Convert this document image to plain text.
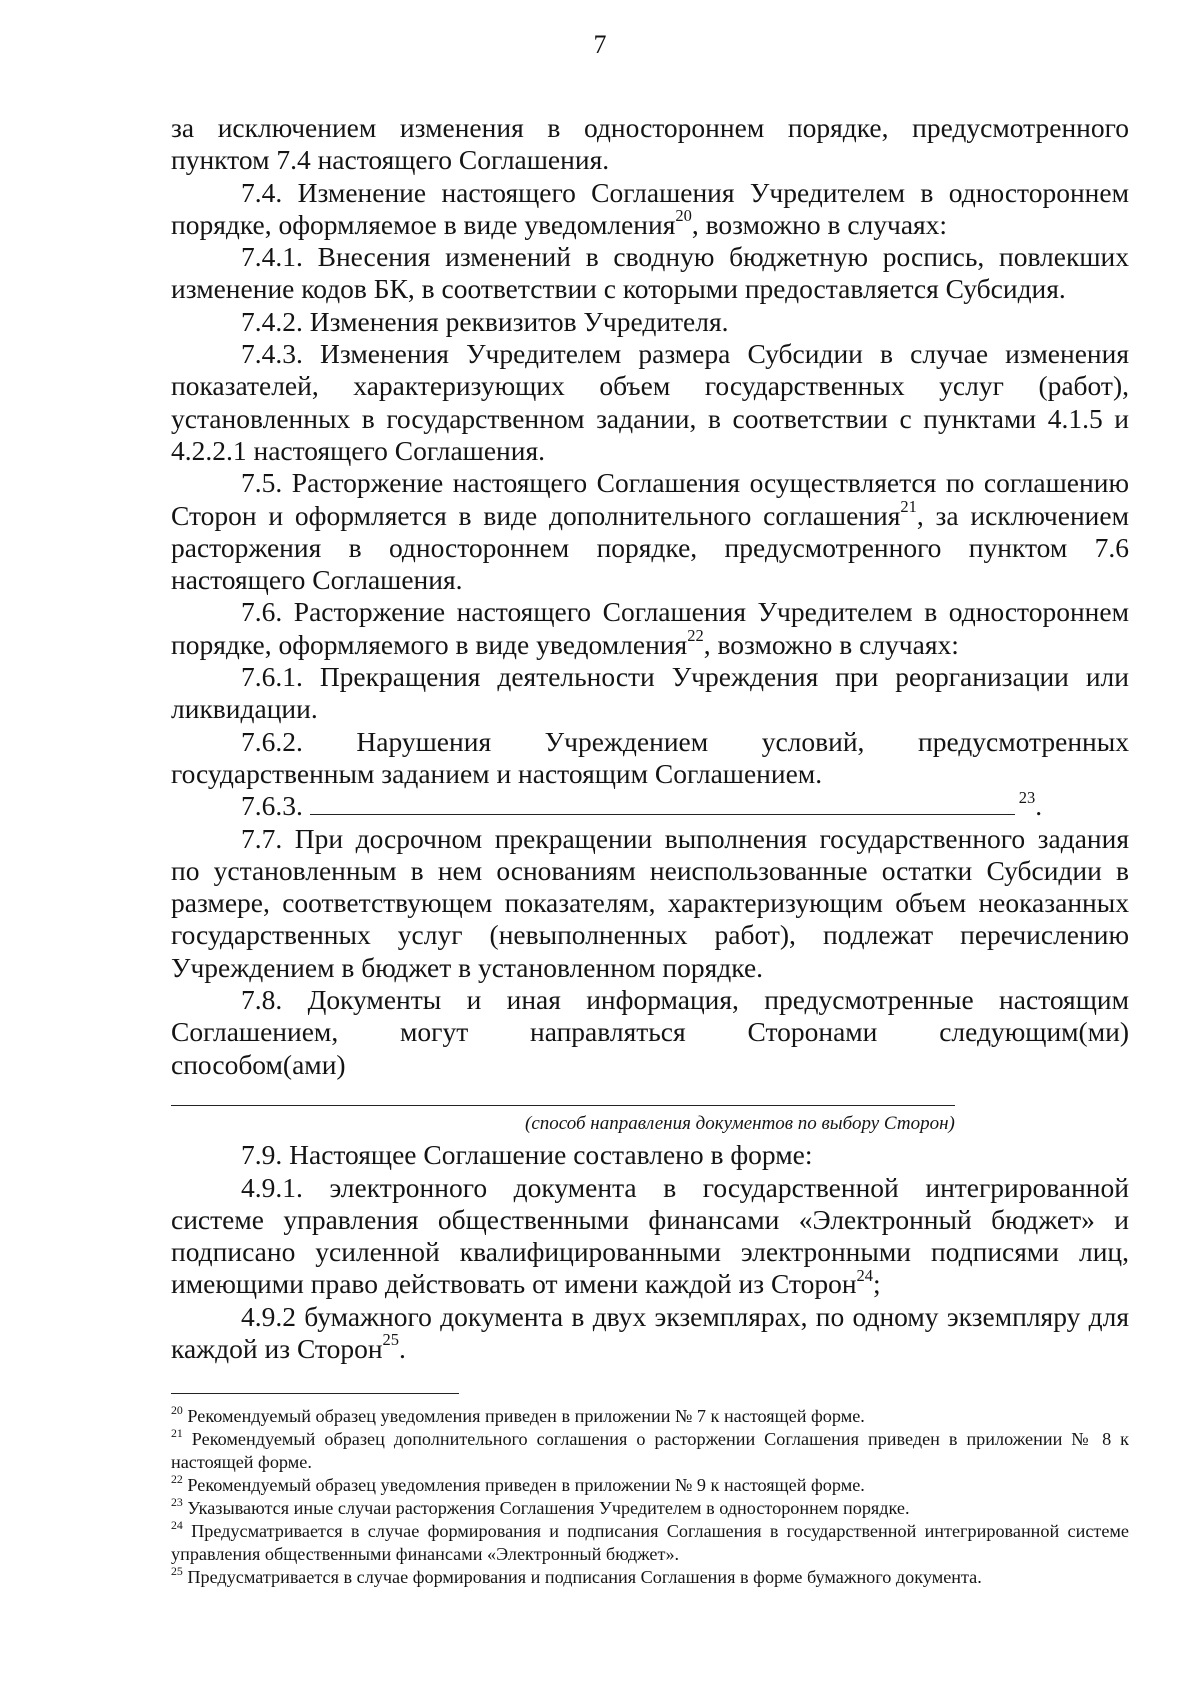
7

за исключением изменения в одностороннем порядке, предусмотренного пунктом 7.4 настоящего Соглашения.

7.4. Изменение настоящего Соглашения Учредителем в одностороннем порядке, оформляемое в виде уведомления$^{20}$, возможно в случаях:

7.4.1. Внесения изменений в сводную бюджетную роспись, повлекших изменение кодов БК, в соответствии с которыми предоставляется Субсидия.

7.4.2. Изменения реквизитов Учредителя.

7.4.3. Изменения Учредителем размера Субсидии в случае изменения показателей, характеризующих объем государственных услуг (работ), установленных в государственном задании, в соответствии с пунктами 4.1.5 и 4.2.2.1 настоящего Соглашения.

7.5. Расторжение настоящего Соглашения осуществляется по соглашению Сторон и оформляется в виде дополнительного соглашения$^{21}$, за исключением расторжения в одностороннем порядке, предусмотренного пунктом 7.6 настоящего Соглашения.

7.6. Расторжение настоящего Соглашения Учредителем в одностороннем порядке, оформляемого в виде уведомления$^{22}$, возможно в случаях:

7.6.1. Прекращения деятельности Учреждения при реорганизации или ликвидации.

7.6.2. Нарушения Учреждением условий, предусмотренных государственным заданием и настоящим Соглашением.

7.6.3.	$^{23}$.

7.7. При досрочном прекращении выполнения государственного задания по установленным в нем основаниям неиспользованные остатки Субсидии в размере, соответствующем показателям, характеризующим объем неоказанных государственных услуг (невыполненных работ), подлежат перечислению Учреждением в бюджет в установленном порядке.

7.8. Документы и иная информация, предусмотренные настоящим Соглашением, могут направляться Сторонами следующим(ми)

способом(ами)

(способ направления документов по выбору Сторон)

7.9. Настоящее Соглашение составлено в форме:

4.9.1. электронного документа в государственной интегрированной системе управления общественными финансами «Электронный бюджет» и подписано усиленной квалифицированными электронными подписями лиц, имеющими право действовать от имени каждой из Сторон$^{24}$;

4.9.2 бумажного документа в двух экземплярах, по одному экземпляру для каждой из Сторон$^{25}$.

$^{20}$ Рекомендуемый образец уведомления приведен в приложении № 7 к настоящей форме.

$^{21}$ Рекомендуемый образец дополнительного соглашения о расторжении Соглашения приведен в приложении № 8 к настоящей форме.

$^{22}$ Рекомендуемый образец уведомления приведен в приложении № 9 к настоящей форме.

$^{23}$ Указываются иные случаи расторжения Соглашения Учредителем в одностороннем порядке.

$^{24}$ Предусматривается в случае формирования и подписания Соглашения в государственной интегрированной системе управления общественными финансами «Электронный бюджет».

$^{25}$ Предусматривается в случае формирования и подписания Соглашения в форме бумажного документа.
